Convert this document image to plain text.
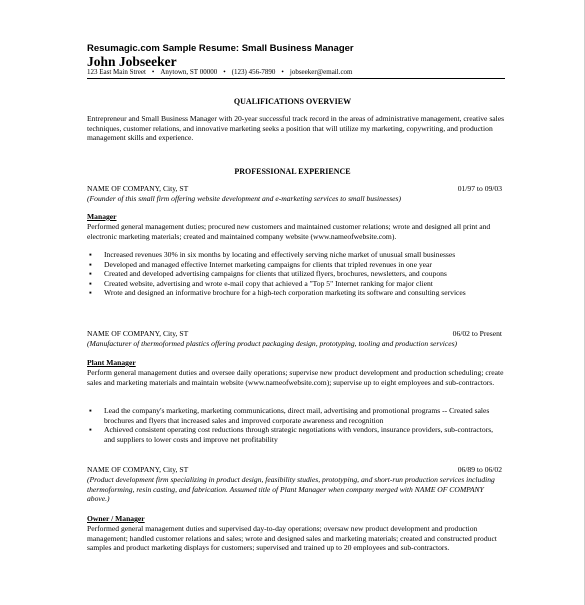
Resumagic.com Sample Resume: Small Business Manager
John Jobseeker
123 East Main Street • Anytown, ST 00000 • (123) 456-7890 • jobseeker@email.com
QUALIFICATIONS OVERVIEW
Entrepreneur and Small Business Manager with 20-year successful track record in the areas of administrative management, creative sales techniques, customer relations, and innovative marketing seeks a position that will utilize my marketing, copywriting, and production management skills and experience.
PROFESSIONAL EXPERIENCE
NAME OF COMPANY, City, ST	01/97 to 09/03
(Founder of this small firm offering website development and e-marketing services to small businesses)
Manager
Performed general management duties; procured new customers and maintained customer relations; wrote and designed all print and electronic marketing materials; created and maintained company website (www.nameofwebsite.com).
▪ Increased revenues 30% in six months by locating and effectively serving niche market of unusual small businesses
▪ Developed and managed effective Internet marketing campaigns for clients that tripled revenues in one year
▪ Created and developed advertising campaigns for clients that utilized flyers, brochures, newsletters, and coupons
▪ Created website, advertising and wrote e-mail copy that achieved a "Top 5" Internet ranking for major client
▪ Wrote and designed an informative brochure for a high-tech corporation marketing its software and consulting services
NAME OF COMPANY, City, ST	06/02 to Present
(Manufacturer of thermoformed plastics offering product packaging design, prototyping, tooling and production services)
Plant Manager
Perform general management duties and oversee daily operations; supervise new product development and production scheduling; create sales and marketing materials and maintain website (www.nameofwebsite.com); supervise up to eight employees and sub-contractors.
▪ Lead the company's marketing, marketing communications, direct mail, advertising and promotional programs -- Created sales brochures and flyers that increased sales and improved corporate awareness and recognition
▪ Achieved consistent operating cost reductions through strategic negotiations with vendors, insurance providers, sub-contractors, and suppliers to lower costs and improve net profitability
NAME OF COMPANY, City, ST	06/89 to 06/02
(Product development firm specializing in product design, feasibility studies, prototyping, and short-run production services including thermoforming, resin casting, and fabrication. Assumed title of Plant Manager when company merged with NAME OF COMPANY above.)
Owner / Manager
Performed general management duties and supervised day-to-day operations; oversaw new product development and production management; handled customer relations and sales; wrote and designed sales and marketing materials; created and constructed product samples and product marketing displays for customers; supervised and trained up to 20 employees and sub-contractors.
